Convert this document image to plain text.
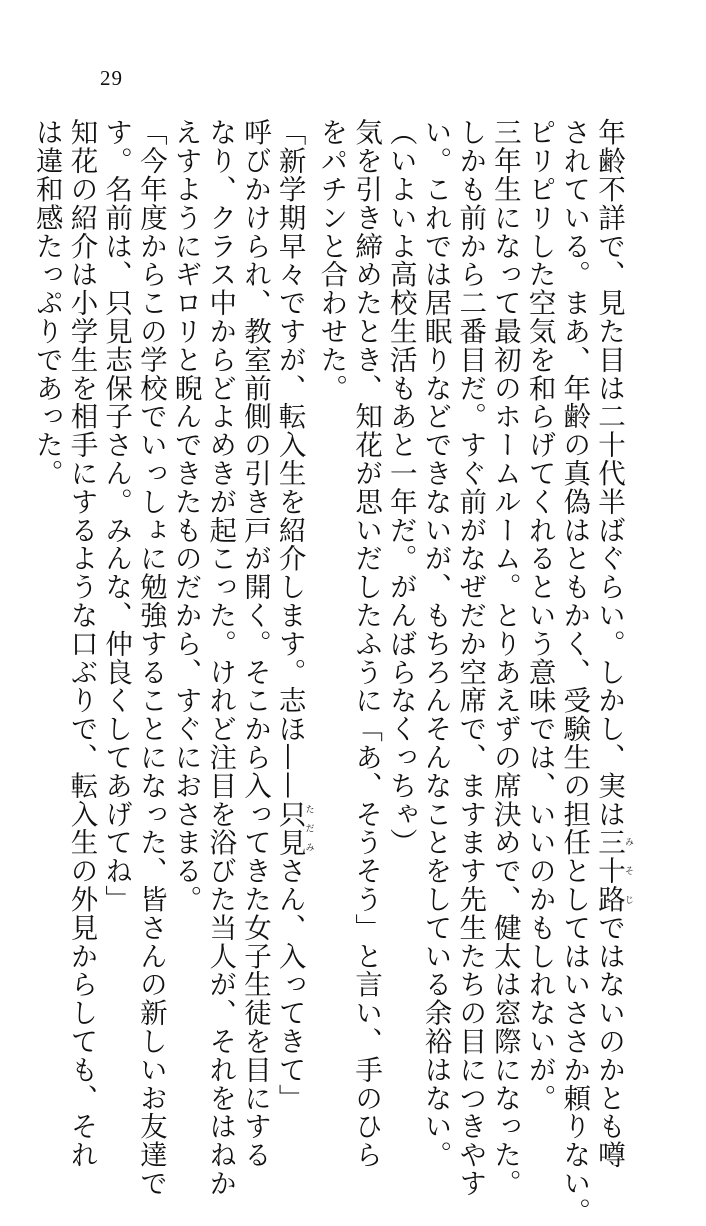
29
年齢不詳で、見た目は二十代半ばぐらい。しかし、実は三十路みそじではないのかとも噂
されている。まあ、年齢の真偽はともかく、受験生の担任としてはいささか頼りない。
ピリピリした空気を和らげてくれるという意味では、いいのかもしれないが。
三年生になって最初のホームルーム。とりあえずの席決めで、健太は窓際になった。
しかも前から二番目だ。すぐ前がなぜだか空席で、ますます先生たちの目につきやす
い。これでは居眠りなどできないが、もちろんそんなことをしている余裕はない。
（いよいよ高校生活もあと一年だ。がんばらなくっちゃ）
気を引き締めたとき、知花が思いだしたふうに「あ、そうそう」と言い、手のひら
をパチンと合わせた。
「新学期早々ですが、転入生を紹介します。志ほ——只見ただみさん、入ってきて」
呼びかけられ、教室前側の引き戸が開く。そこから入ってきた女子生徒を目にする
なり、クラス中からどよめきが起こった。けれど注目を浴びた当人が、それをはねか
えすようにギロリと睨んできたものだから、すぐにおさまる。
「今年度からこの学校でいっしょに勉強することになった、皆さんの新しいお友達で
す。名前は、只見志保子さん。みんな、仲良くしてあげてね」
知花の紹介は小学生を相手にするような口ぶりで、転入生の外見からしても、それ
は違和感たっぷりであった。
